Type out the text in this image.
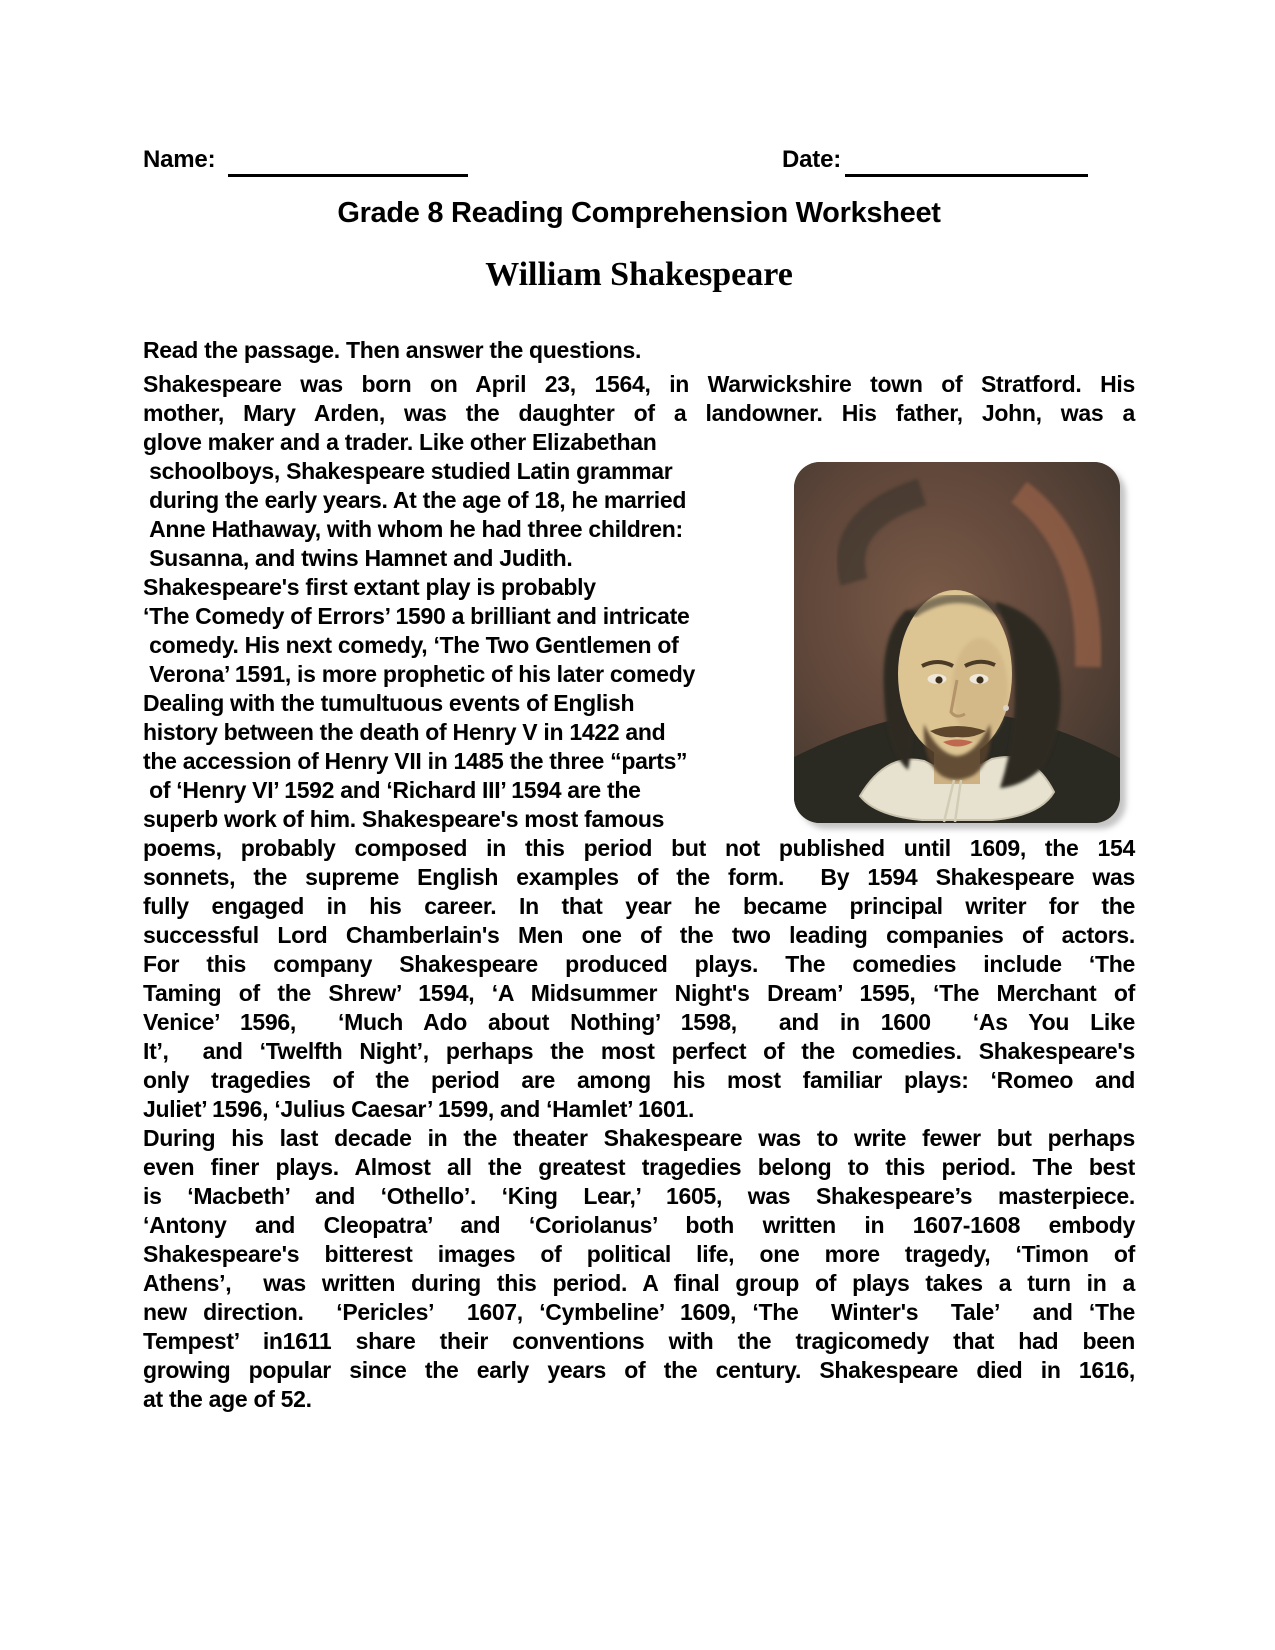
Name:	Date:
Grade 8 Reading Comprehension Worksheet
William Shakespeare
Read the passage. Then answer the questions.
Shakespeare was born on April 23, 1564, in Warwickshire town of Stratford. His
mother, Mary Arden, was the daughter of a landowner. His father, John, was a
glove maker and a trader. Like other Elizabethan
schoolboys, Shakespeare studied Latin grammar
during the early years. At the age of 18, he married
Anne Hathaway, with whom he had three children:
Susanna, and twins Hamnet and Judith.
Shakespeare's first extant play is probably
‘The Comedy of Errors’ 1590 a brilliant and intricate
comedy. His next comedy, ‘The Two Gentlemen of
Verona’ 1591, is more prophetic of his later comedy
Dealing with the tumultuous events of English
history between the death of Henry V in 1422 and
the accession of Henry VII in 1485 the three “parts”
of ‘Henry VI’ 1592 and ‘Richard III’ 1594 are the
superb work of him. Shakespeare's most famous
poems, probably composed in this period but not published until 1609, the 154
sonnets, the supreme English examples of the form.  By 1594 Shakespeare was
fully engaged in his career. In that year he became principal writer for the
successful Lord Chamberlain's Men one of the two leading companies of actors.
For this company Shakespeare produced plays. The comedies include ‘The
Taming of the Shrew’ 1594, ‘A Midsummer Night's Dream’ 1595, ‘The Merchant of
Venice’ 1596,  ‘Much Ado about Nothing’ 1598,  and in 1600  ‘As You Like
It’,  and ‘Twelfth Night’, perhaps the most perfect of the comedies. Shakespeare's
only tragedies of the period are among his most familiar plays: ‘Romeo and
Juliet’ 1596, ‘Julius Caesar’ 1599, and ‘Hamlet’ 1601.
During his last decade in the theater Shakespeare was to write fewer but perhaps
even finer plays. Almost all the greatest tragedies belong to this period. The best
is ‘Macbeth’ and ‘Othello’. ‘King Lear,’ 1605, was Shakespeare’s masterpiece.
‘Antony and Cleopatra’ and ‘Coriolanus’ both written in 1607-1608 embody
Shakespeare's bitterest images of political life, one more tragedy, ‘Timon of
Athens’,  was written during this period. A final group of plays takes a turn in a
new direction.  ‘Pericles’  1607, ‘Cymbeline’ 1609, ‘The  Winter's  Tale’  and ‘The
Tempest’ in1611 share their conventions with the tragicomedy that had been
growing popular since the early years of the century. Shakespeare died in 1616,
at the age of 52.
